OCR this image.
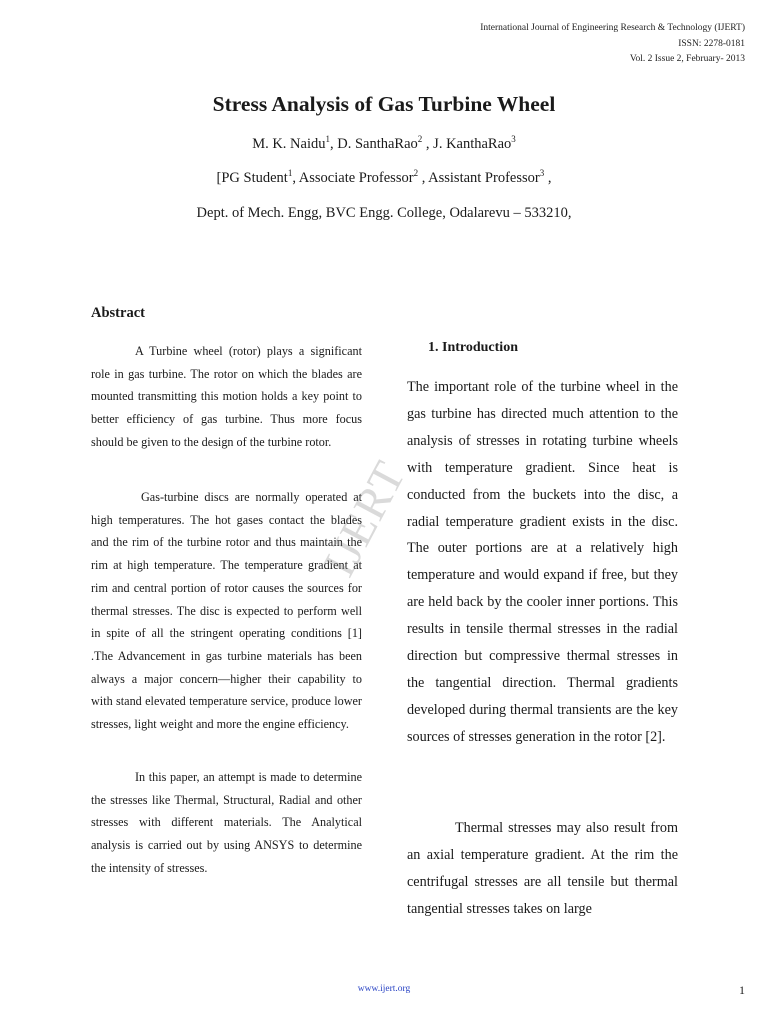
International Journal of Engineering Research & Technology (IJERT)
ISSN: 2278-0181
Vol. 2 Issue 2, February- 2013
Stress Analysis of Gas Turbine Wheel
M. K. Naidu$^1$, D. SanthaRao$^2$ , J. KanthaRao$^3$
[PG Student$^1$, Associate Professor$^2$ , Assistant Professor$^3$ ,
Dept. of Mech. Engg, BVC Engg. College, Odalarevu – 533210,
Abstract
A Turbine wheel (rotor) plays a significant role in gas turbine. The rotor on which the blades are mounted transmitting this motion holds a key point to better efficiency of gas turbine. Thus more focus should be given to the design of the turbine rotor.
Gas-turbine discs are normally operated at high temperatures. The hot gases contact the blades and the rim of the turbine rotor and thus maintain the rim at high temperature. The temperature gradient at rim and central portion of rotor causes the sources for thermal stresses. The disc is expected to perform well in spite of all the stringent operating conditions [1] .The Advancement in gas turbine materials has been always a major concern—higher their capability to with stand elevated temperature service, produce lower stresses, light weight and more the engine efficiency.
In this paper, an attempt is made to determine the stresses like Thermal, Structural, Radial and other stresses with different materials. The Analytical analysis is carried out by using ANSYS to determine the intensity of stresses.
IJERT
1. Introduction
The important role of the turbine wheel in the gas turbine has directed much attention to the analysis of stresses in rotating turbine wheels with temperature gradient. Since heat is conducted from the buckets into the disc, a radial temperature gradient exists in the disc. The outer portions are at a relatively high temperature and would expand if free, but they are held back by the cooler inner portions. This results in tensile thermal stresses in the radial direction but compressive thermal stresses in the tangential direction. Thermal gradients developed during thermal transients are the key sources of stresses generation in the rotor [2].
Thermal stresses may also result from an axial temperature gradient. At the rim the centrifugal stresses are all tensile but thermal tangential stresses takes on large
www.ijert.org	1
